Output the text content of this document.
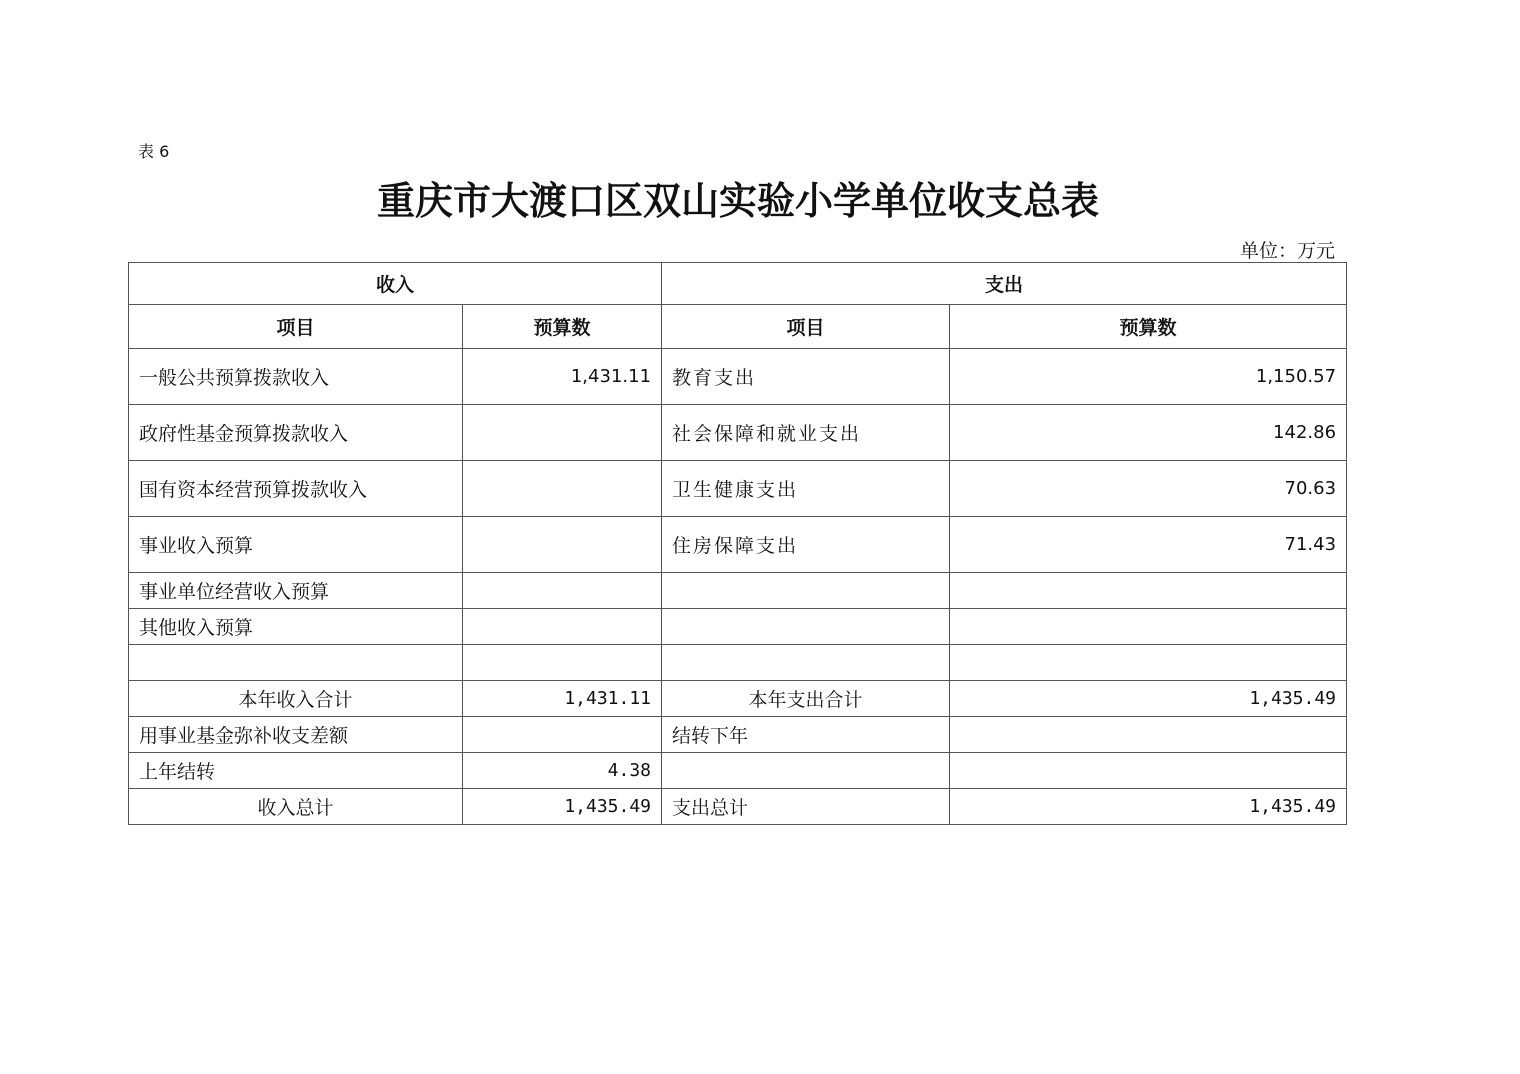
表 6
重庆市大渡口区双山实验小学单位收支总表
单位：万元
收入		支出	
项目	预算数	项目	预算数
一般公共预算拨款收入	1,431.11	教育支出	1,150.57
政府性基金预算拨款收入		社会保障和就业支出	142.86
国有资本经营预算拨款收入		卫生健康支出	70.63
事业收入预算		住房保障支出	71.43
事业单位经营收入预算			
其他收入预算			

本年收入合计	1,431.11	本年支出合计	1,435.49
用事业基金弥补收支差额		结转下年	
上年结转	4.38		
收入总计	1,435.49	支出总计	1,435.49
